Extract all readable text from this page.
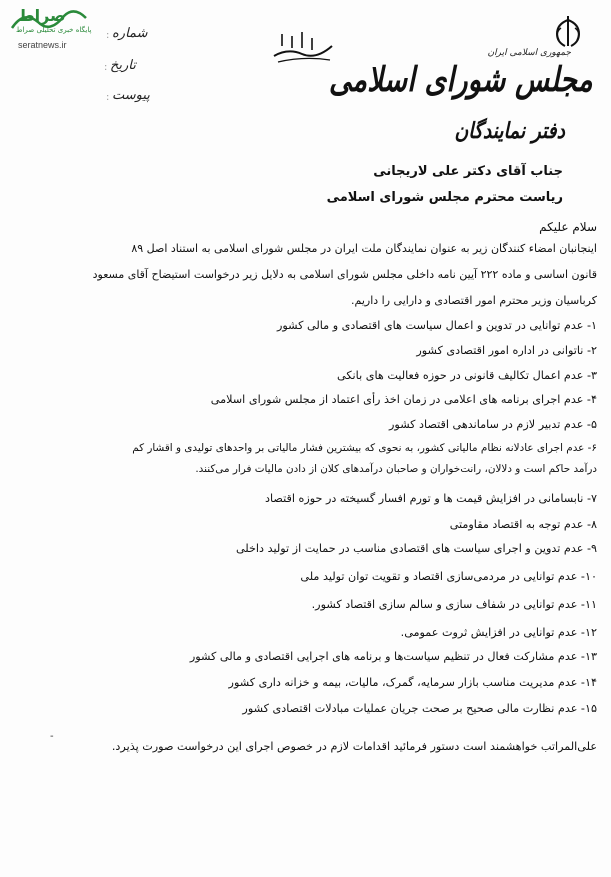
صراط
پایگاه خبری تحلیلی صراط
seratnews.ir
شماره
:
تاریخ
:
پیوست
:
بسمه تعالی	جمهوری اسلامی ایران
مجلس شورای اسلامی
دفتر نمایندگان
جناب آقای دکتر علی لاریجانی
ریاست محترم مجلس شورای اسلامی
سلام علیکم
اینجانبان امضاء کنندگان زیر به عنوان نمایندگان ملت ایران در مجلس شورای اسلامی به استناد اصل ۸۹
قانون اساسی و ماده ۲۲۲ آیین نامه داخلی مجلس شورای اسلامی به دلایل زیر درخواست استیضاح آقای مسعود
کرباسیان وزیر محترم امور اقتصادی و دارایی را داریم.
۱- عدم توانایی در تدوین و اعمال سیاست های اقتصادی و مالی کشور
۲- ناتوانی در اداره امور اقتصادی کشور
۳- عدم اعمال تکالیف قانونی در حوزه فعالیت های بانکی
۴- عدم اجرای برنامه های اعلامی در زمان اخذ رأی اعتماد از مجلس شورای اسلامی
۵- عدم تدبیر لازم در ساماندهی اقتصاد کشور
۶- عدم اجرای عادلانه نظام مالیاتی کشور، به نحوی که بیشترین فشار مالیاتی بر واحدهای تولیدی و اقشار کم
درآمد حاکم است و دلالان، رانت‌خواران و صاحبان درآمدهای کلان از دادن مالیات فرار می‌کنند.
۷- نابسامانی در افزایش قیمت ها و تورم افسار گسیخته در حوزه اقتصاد
۸- عدم توجه به اقتصاد مقاومتی
۹- عدم تدوین و اجرای سیاست های اقتصادی مناسب در حمایت از تولید داخلی
۱۰- عدم توانایی در مردمی‌سازی اقتصاد و تقویت توان تولید ملی
۱۱- عدم توانایی در شفاف سازی و سالم سازی اقتصاد کشور.
۱۲- عدم توانایی در افزایش ثروت عمومی.
۱۳- عدم مشارکت فعال در تنظیم سیاست‌ها و برنامه های اجرایی اقتصادی و مالی کشور
۱۴- عدم مدیریت مناسب بازار سرمایه، گمرک، مالیات، بیمه و خزانه داری کشور
۱۵- عدم نظارت مالی صحیح بر صحت جریان عملیات مبادلات اقتصادی کشور
‐
علی‌المراتب خواهشمند است دستور فرمائید اقدامات لازم در خصوص اجرای این درخواست صورت پذیرد.
